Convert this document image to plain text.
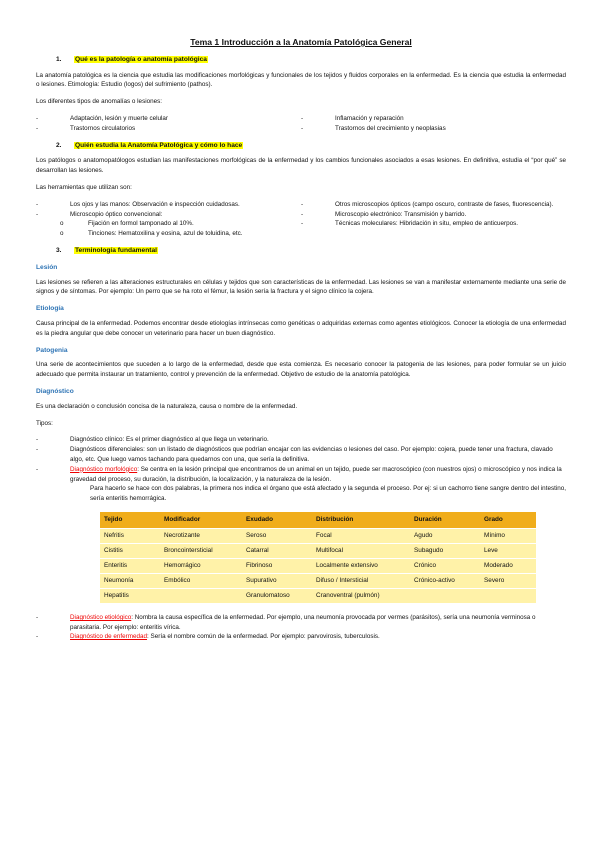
Tema 1 Introducción a la Anatomía Patológica General
1. Qué es la patología o anatomía patológica

La anatomía patológica es la ciencia que estudia las modificaciones morfológicas y funcionales de los tejidos y fluidos corporales en la enfermedad. Es la ciencia que estudia la enfermedad o lesiones. Etimología: Estudio (logos) del sufrimiento (pathos).

Los diferentes tipos de anomalías o lesiones:

- Adaptación, lesión y muerte celular
- Trastornos circulatorios
- Inflamación y reparación
- Trastornos del crecimiento y neoplasias
2. Quién estudia la Anatomía Patológica y cómo lo hace

Los patólogos o anatomopatólogos estudian las manifestaciones morfológicas de la enfermedad y los cambios funcionales asociados a esas lesiones. En definitiva, estudia el “por qué” se desarrollan las lesiones.

Las herramientas que utilizan son:

- Los ojos y las manos: Observación e inspección cuidadosas.
- Microscopio óptico convencional:
o Fijación en formol tamponado al 10%.
o Tinciones: Hematoxilina y eosina, azul de toluidina, etc.
- Otros microscopios ópticos (campo oscuro, contraste de fases, fluorescencia).
- Microscopio electrónico: Transmisión y barrido.
- Técnicas moleculares: Hibridación in situ, empleo de anticuerpos.
3. Terminología fundamental
Lesión

Las lesiones se refieren a las alteraciones estructurales en células y tejidos que son características de la enfermedad. Las lesiones se van a manifestar externamente mediante una serie de signos y de síntomas. Por ejemplo: Un perro que se ha roto el fémur, la lesión sería la fractura y el signo clínico la cojera.

Etiología

Causa principal de la enfermedad. Podemos encontrar desde etiologías intrínsecas como genéticas o adquiridas externas como agentes etiológicos. Conocer la etiología de una enfermedad es la piedra angular que debe conocer un veterinario para hacer un buen diagnóstico.

Patogenia

Una serie de acontecimientos que suceden a lo largo de la enfermedad, desde que esta comienza. Es necesario conocer la patogenia de las lesiones, para poder formular se un juicio adecuado que permita instaurar un tratamiento, control y prevención de la enfermedad. Objetivo de estudio de la anatomía patológica.

Diagnóstico

Es una declaración o conclusión concisa de la naturaleza, causa o nombre de la enfermedad.

Tipos:

- Diagnóstico clínico: Es el primer diagnóstico al que llega un veterinario.
- Diagnósticos diferenciales: son un listado de diagnósticos que podrían encajar con las evidencias o lesiones del caso. Por ejemplo: cojera, puede tener una fractura, clavado algo, etc. Que luego vamos tachando para quedarnos con una, que sería la definitiva.
- Diagnóstico morfológico: Se centra en la lesión principal que encontramos de un animal en un tejido, puede ser macroscópico (con nuestros ojos) o microscópico y nos indica la gravedad del proceso, su duración, la distribución, la localización, y la naturaleza de la lesión.

Para hacerlo se hace con dos palabras, la primera nos indica el órgano que está afectado y la segunda el proceso. Por ej: si un cachorro tiene sangre dentro del intestino, sería enteritis hemorrágica.

Tejido	Modificador	Exudado	Distribución	Duración	Grado
Nefritis	Necrotizante	Seroso	Focal	Agudo	Mínimo
Cistitis	Broncointersticial	Catarral	Multifocal	Subagudo	Leve
Enteritis	Hemorrágico	Fibrinoso	Localmente extensivo	Crónico	Moderado
Neumonía	Embólico	Supurativo	Difuso / Intersticial	Crónico-activo	Severo
Hepatitis		Granulomatoso	Cranoventral (pulmón)		
- Diagnóstico etiológico: Nombra la causa específica de la enfermedad. Por ejemplo, una neumonía provocada por vermes (parásitos), sería una neumonía verminosa o parasitaria. Por ejemplo: enteritis vírica.
- Diagnóstico de enfermedad: Sería el nombre común de la enfermedad. Por ejemplo: parvovirosis, tuberculosis.
